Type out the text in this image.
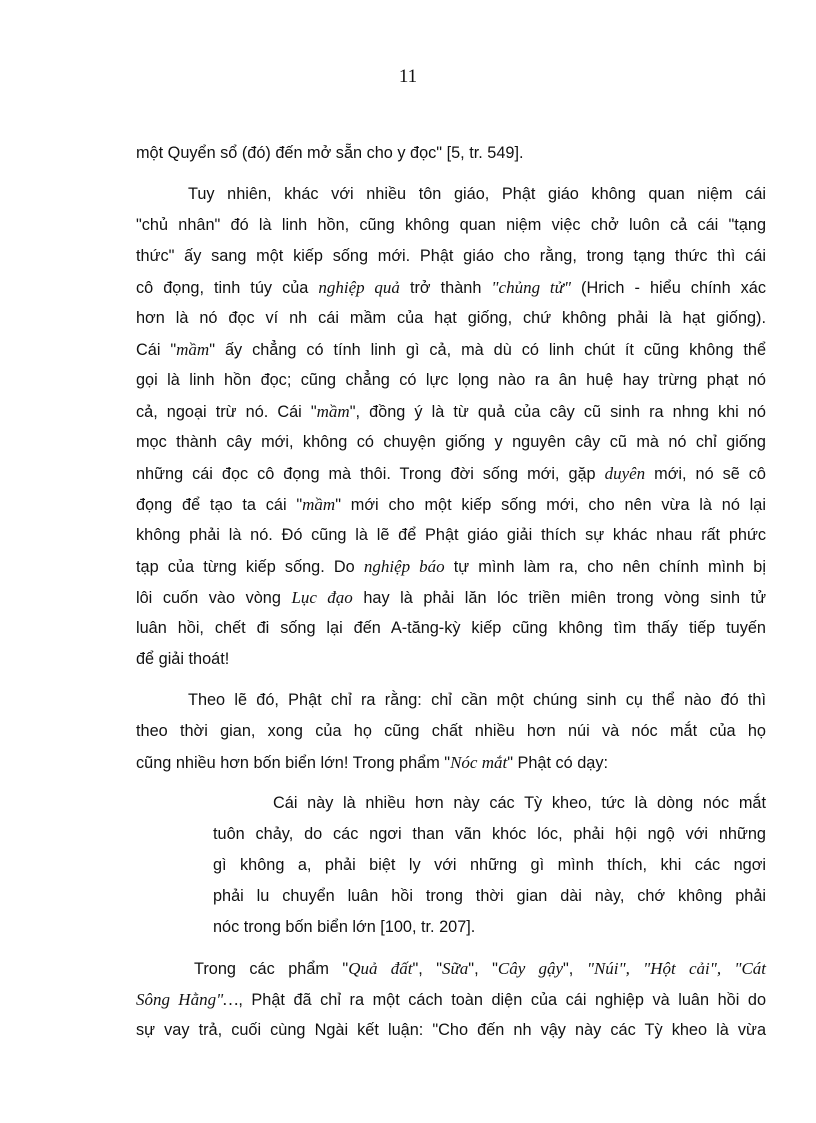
11
một Quyển sổ (đó) đến mở sẵn cho y đọc" [5, tr. 549].
Tuy nhiên, khác với nhiều tôn giáo, Phật giáo không quan niệm cái
"chủ nhân" đó là linh hồn, cũng không quan niệm việc chở luôn cả cái "tạng
thức" ấy sang một kiếp sống mới. Phật giáo cho rằng, trong tạng thức thì cái
cô đọng, tinh túy của nghiệp quả trở thành "chủng tử" (Hrich - hiểu chính xác
hơn là nó đọc ví nh cái mầm của hạt giống, chứ không phải là hạt giống).
Cái "mầm" ấy chẳng có tính linh gì cả, mà dù có linh chút ít cũng không thể
gọi là linh hồn đọc; cũng chẳng có lực lọng nào ra ân huệ hay trừng phạt nó
cả, ngoại trừ nó. Cái "mầm", đồng ý là từ quả của cây cũ sinh ra nhng khi nó
mọc thành cây mới, không có chuyện giống y nguyên cây cũ mà nó chỉ giống
những cái đọc cô đọng mà thôi. Trong đời sống mới, gặp duyên mới, nó sẽ cô
đọng để tạo ta cái "mầm" mới cho một kiếp sống mới, cho nên vừa là nó lại
không phải là nó. Đó cũng là lẽ để Phật giáo giải thích sự khác nhau rất phức
tạp của từng kiếp sống. Do nghiệp báo tự mình làm ra, cho nên chính mình bị
lôi cuốn vào vòng Lục đạo hay là phải lăn lóc triền miên trong vòng sinh tử
luân hồi, chết đi sống lại đến A-tăng-kỳ kiếp cũng không tìm thấy tiếp tuyến
để giải thoát!
Theo lẽ đó, Phật chỉ ra rằng: chỉ cần một chúng sinh cụ thể nào đó thì
theo thời gian, xong của họ cũng chất nhiều hơn núi và nóc mắt của họ
cũng nhiều hơn bốn biển lớn! Trong phẩm "Nóc mắt" Phật có dạy:
Cái này là nhiều hơn này các Tỳ kheo, tức là dòng nóc mắt
tuôn chảy, do các ngơi than vãn khóc lóc, phải hội ngộ với những
gì không a, phải biệt ly với những gì mình thích, khi các ngơi
phải lu chuyển luân hồi trong thời gian dài này, chớ không phải
nóc trong bốn biển lớn [100, tr. 207].
Trong các phẩm "Quả đất", "Sữa", "Cây gậy", "Núi", "Hột cải", "Cát
Sông Hằng"…, Phật đã chỉ ra một cách toàn diện của cái nghiệp và luân hồi do
sự vay trả, cuối cùng Ngài kết luận: "Cho đến nh vậy này các Tỳ kheo là vừa
